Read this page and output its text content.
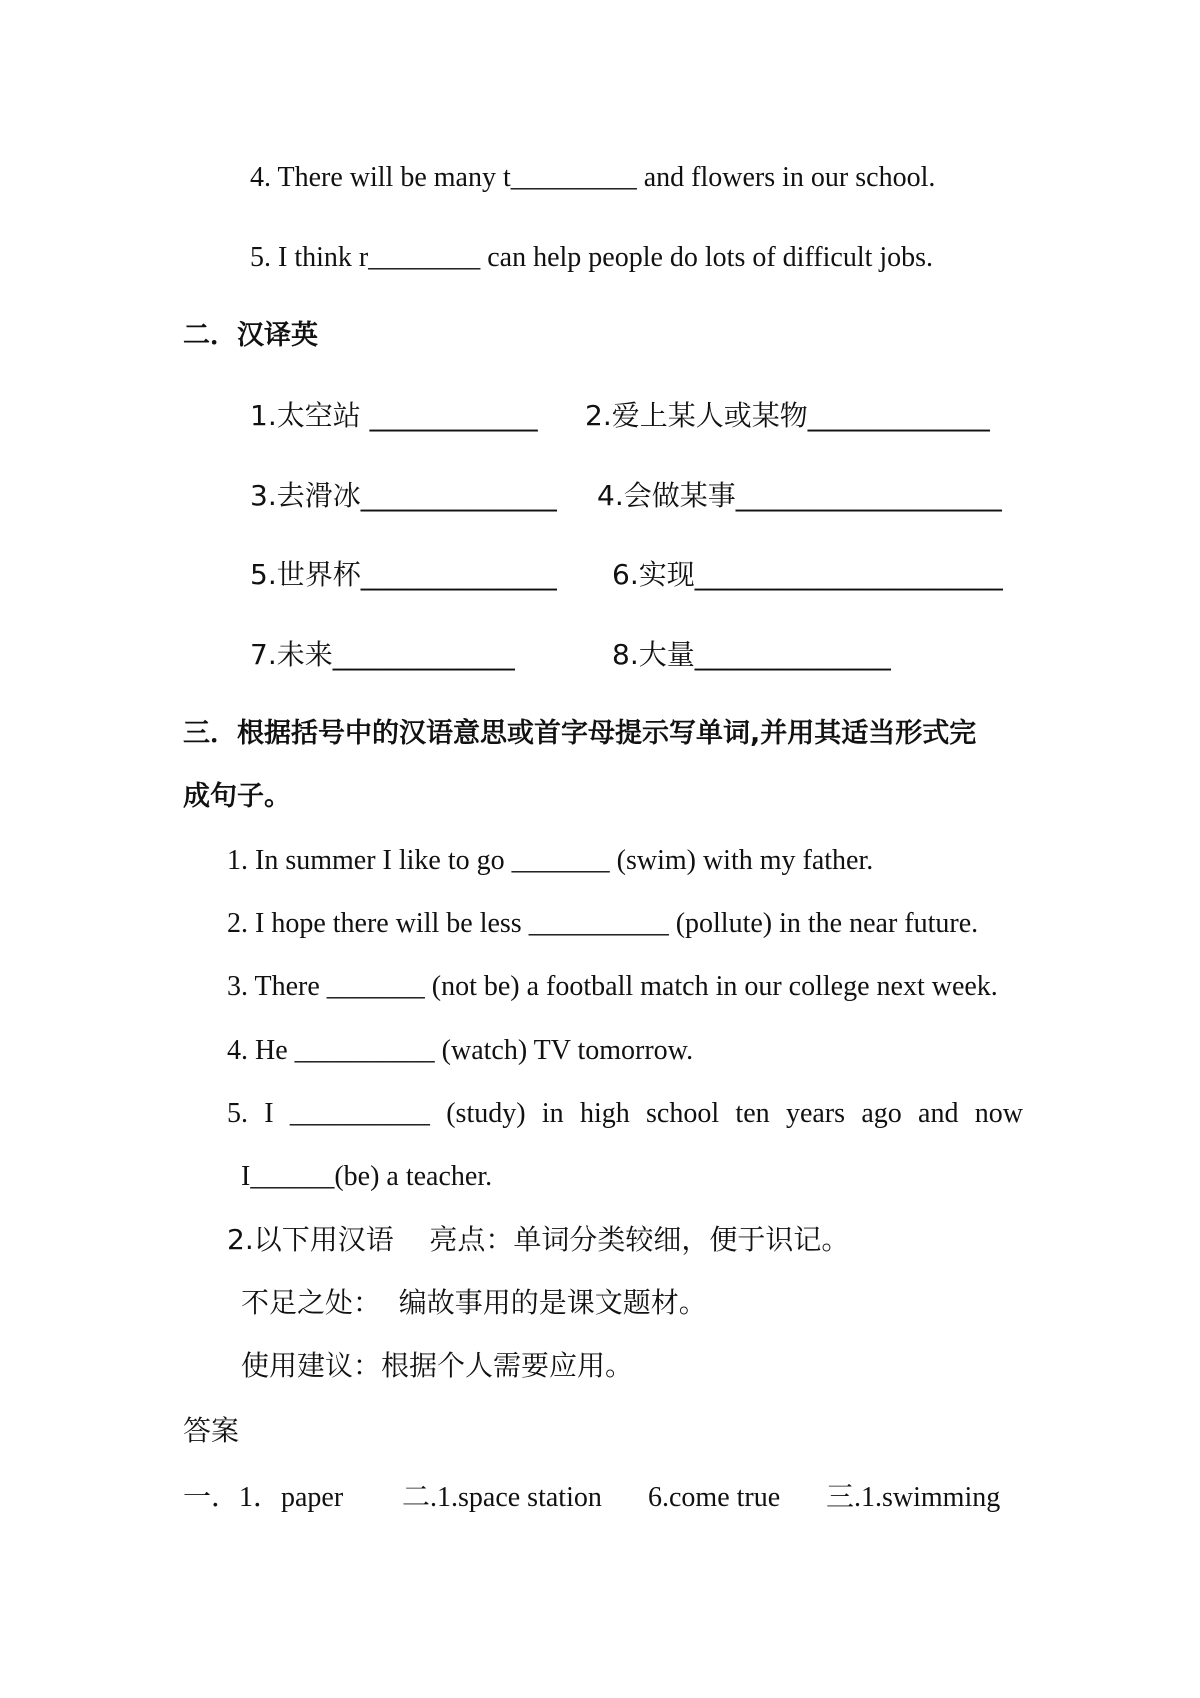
4. There will be many t_________ and flowers in our school.
5. I think r________ can help people do lots of difficult jobs.
二．汉译英
1.太空站 ____________ 2.爱上某人或某物_____________
3.去滑冰______________ 4.会做某事___________________
5.世界杯______________ 6.实现______________________
7.未来_____________	8.大量______________
三．根据括号中的汉语意思或首字母提示写单词,并用其适当形式完
成句子。
1. In summer I like to go _______ (swim) with my father.
2. I hope there will be less __________ (pollute) in the near future.
3. There _______ (not be) a football match in our college next week.
4. He __________ (watch) TV tomorrow.
5. I __________ (study) in high school ten years ago and now
I______(be) a teacher.
2.以下用汉语    亮点：单词分类较细，便于识记。
不足之处：  编故事用的是课文题材。
使用建议：根据个人需要应用。
答案
一．1．paper 二.1.space station 6.come true 三.1.swimming
